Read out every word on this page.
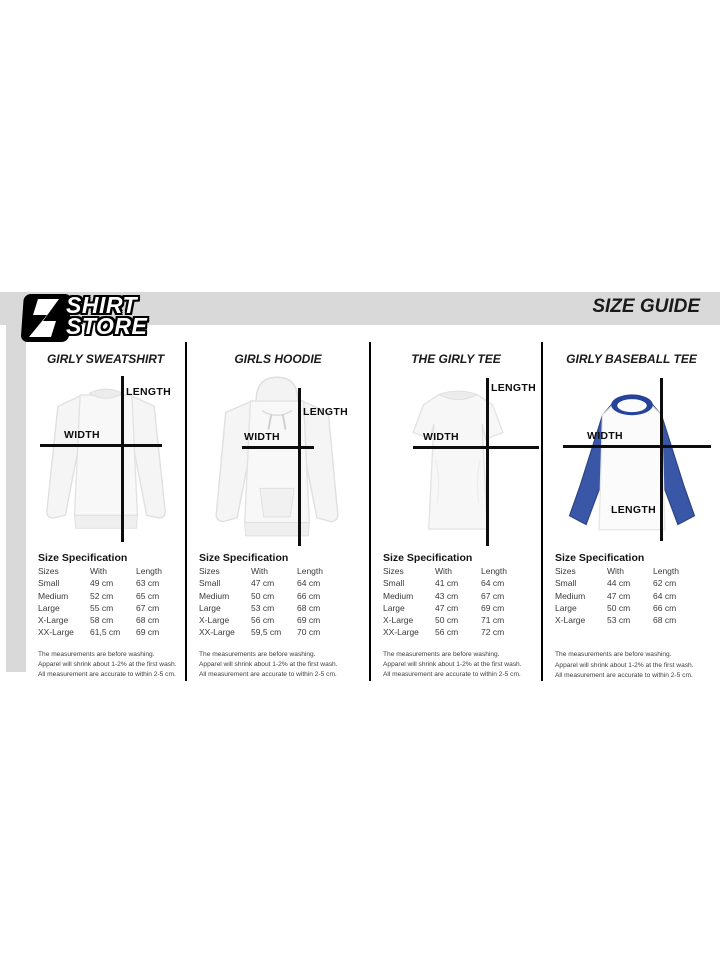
SHIRT
STORE
SIZE GUIDE
GIRLY SWEATSHIRT
WIDTH
LENGTH
Size Specification
Sizes	With	Length
Small	49 cm	63 cm
Medium	52 cm	65 cm
Large	55 cm	67 cm
X-Large	58 cm	68 cm
XX-Large	61,5 cm	69 cm
The measurements are before washing.
Apparel will shrink about 1-2% at the first wash.
All measurement are accurate to within 2-5 cm.
GIRLS HOODIE
WIDTH
LENGTH
Size Specification
Sizes	With	Length
Small	47 cm	64 cm
Medium	50 cm	66 cm
Large	53 cm	68 cm
X-Large	56 cm	69 cm
XX-Large	59,5 cm	70 cm
The measurements are before washing.
Apparel will shrink about 1-2% at the first wash.
All measurement are accurate to within 2-5 cm.
THE GIRLY TEE
WIDTH
LENGTH
Size Specification
Sizes	With	Length
Small	41 cm	64 cm
Medium	43 cm	67 cm
Large	47 cm	69 cm
X-Large	50 cm	71 cm
XX-Large	56 cm	72 cm
The measurements are before washing.
Apparel will shrink about 1-2% at the first wash.
All measurement are accurate to within 2-5 cm.
GIRLY BASEBALL TEE
WIDTH
LENGTH
Size Specification
Sizes	With	Length
Small	44 cm	62 cm
Medium	47 cm	64 cm
Large	50 cm	66 cm
X-Large	53 cm	68 cm
The measurements are before washing.
Apparel will shrink about 1-2% at the first wash.
All measurement are accurate to within 2-5 cm.
